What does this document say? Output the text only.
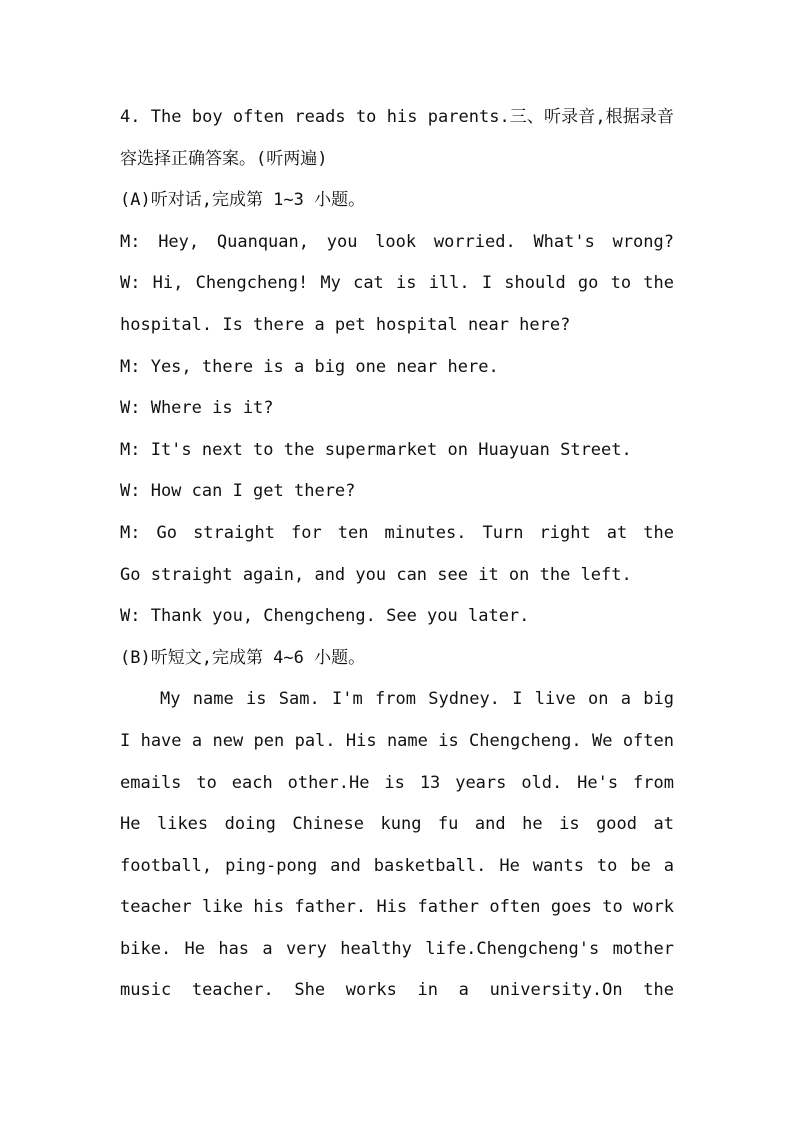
4. The boy often reads to his parents.三、听录音,根据录音
容选择正确答案。(听两遍)
(A)听对话,完成第 1~3 小题。
M: Hey, Quanquan, you look worried. What's wrong?
W: Hi, Chengcheng! My cat is ill. I should go to the
hospital. Is there a pet hospital near here?
M: Yes, there is a big one near here.
W: Where is it?
M: It's next to the supermarket on Huayuan Street.
W: How can I get there?
M: Go straight for ten minutes. Turn right at the
Go straight again, and you can see it on the left.
W: Thank you, Chengcheng. See you later.
(B)听短文,完成第 4~6 小题。
My name is Sam. I'm from Sydney. I live on a big
I have a new pen pal. His name is Chengcheng. We often
emails to each other.He is 13 years old. He's from
He likes doing Chinese kung fu and he is good at
football, ping-pong and basketball. He wants to be a
teacher like his father. His father often goes to work
bike. He has a very healthy life.Chengcheng's mother
music teacher. She works in a university.On the
